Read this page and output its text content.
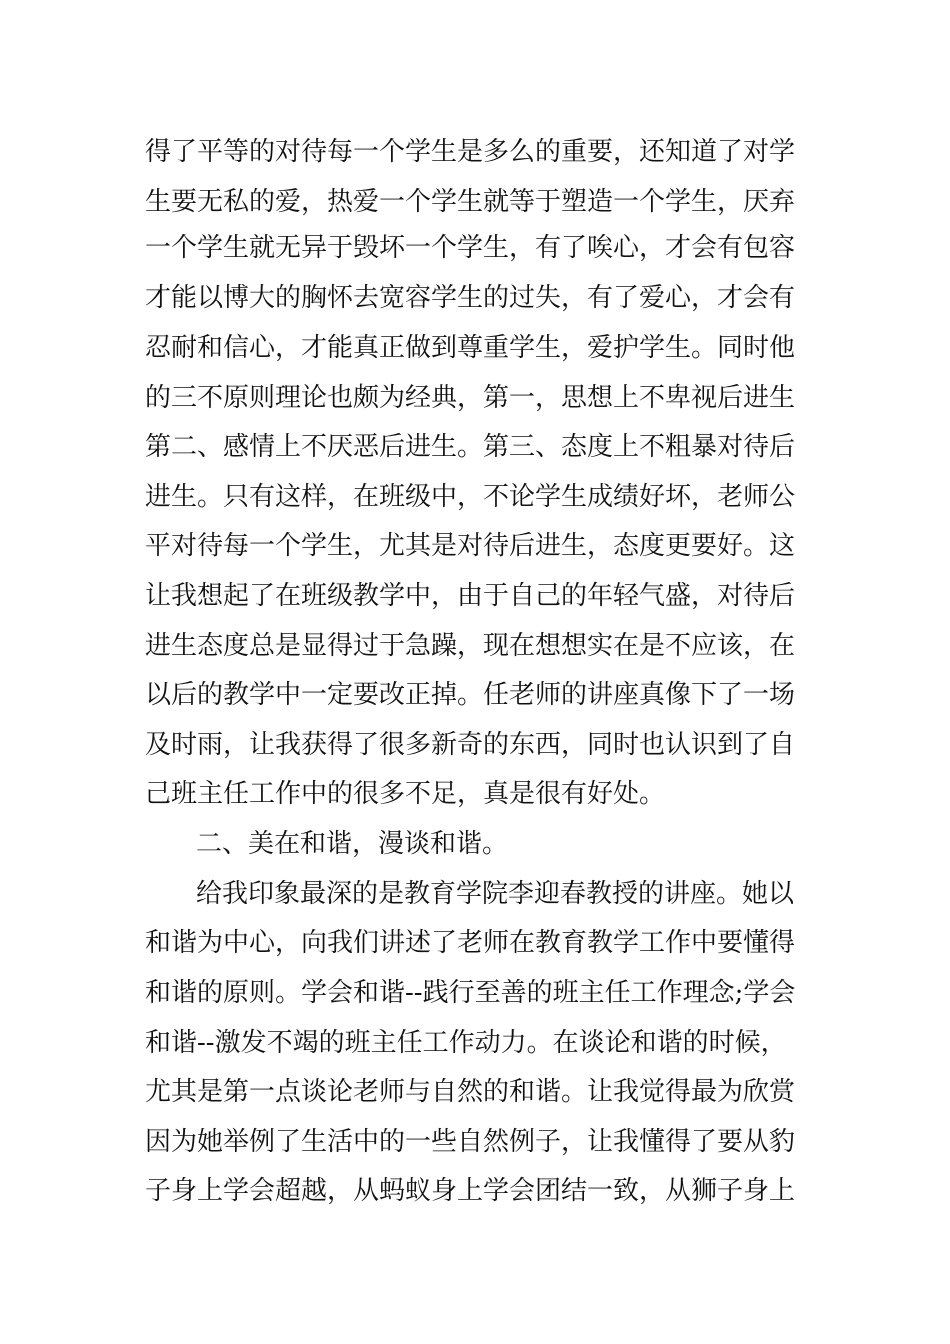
得了平等的对待每一个学生是多么的重要，还知道了对学
生要无私的爱，热爱一个学生就等于塑造一个学生，厌弃
一个学生就无异于毁坏一个学生，有了唉心，才会有包容
才能以博大的胸怀去宽容学生的过失，有了爱心，才会有
忍耐和信心，才能真正做到尊重学生，爱护学生。同时他
的三不原则理论也颇为经典，第一，思想上不卑视后进生
第二、感情上不厌恶后进生。第三、态度上不粗暴对待后
进生。只有这样，在班级中，不论学生成绩好坏，老师公
平对待每一个学生，尤其是对待后进生，态度更要好。这
让我想起了在班级教学中，由于自己的年轻气盛，对待后
进生态度总是显得过于急躁，现在想想实在是不应该，在
以后的教学中一定要改正掉。任老师的讲座真像下了一场
及时雨，让我获得了很多新奇的东西，同时也认识到了自
己班主任工作中的很多不足，真是很有好处。
二、美在和谐，漫谈和谐。
给我印象最深的是教育学院李迎春教授的讲座。她以
和谐为中心，向我们讲述了老师在教育教学工作中要懂得
和谐的原则。学会和谐--践行至善的班主任工作理念;学会
和谐--激发不竭的班主任工作动力。在谈论和谐的时候，
尤其是第一点谈论老师与自然的和谐。让我觉得最为欣赏
因为她举例了生活中的一些自然例子，让我懂得了要从豹
子身上学会超越，从蚂蚁身上学会团结一致，从狮子身上
